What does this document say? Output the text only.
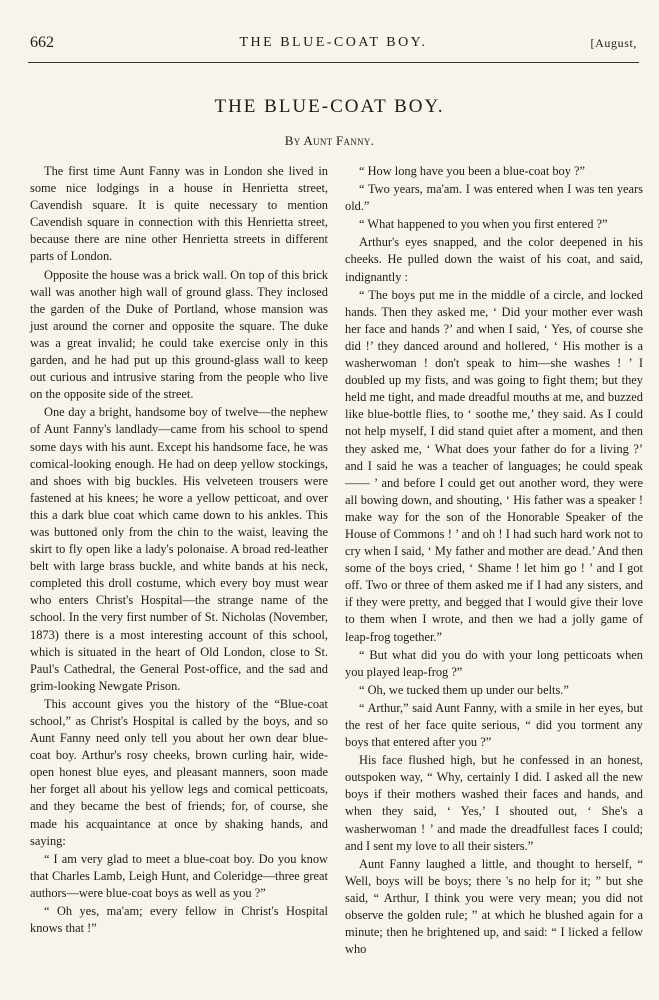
662	THE BLUE-COAT BOY.	[August,
THE BLUE-COAT BOY.
By Aunt Fanny.

The first time Aunt Fanny was in London she lived in some nice lodgings in a house in Henrietta street, Cavendish square. It is quite necessary to mention Cavendish square in connection with this Henrietta street, because there are nine other Henrietta streets in different parts of London.

Opposite the house was a brick wall. On top of this brick wall was another high wall of ground glass. They inclosed the garden of the Duke of Portland, whose mansion was just around the corner and opposite the square. The duke was a great invalid; he could take exercise only in this garden, and he had put up this ground-glass wall to keep out curious and intrusive staring from the people who live on the opposite side of the street.

One day a bright, handsome boy of twelve—the nephew of Aunt Fanny's landlady—came from his school to spend some days with his aunt. Except his handsome face, he was comical-looking enough. He had on deep yellow stockings, and shoes with big buckles. His velveteen trousers were fastened at his knees; he wore a yellow petticoat, and over this a dark blue coat which came down to his ankles. This was buttoned only from the chin to the waist, leaving the skirt to fly open like a lady's polonaise. A broad red-leather belt with large brass buckle, and white bands at his neck, completed this droll costume, which every boy must wear who enters Christ's Hospital—the strange name of the school. In the very first number of St. Nicholas (November, 1873) there is a most interesting account of this school, which is situated in the heart of Old London, close to St. Paul's Cathedral, the General Post-office, and the sad and grim-looking Newgate Prison.

This account gives you the history of the “Blue-coat school,” as Christ's Hospital is called by the boys, and so Aunt Fanny need only tell you about her own dear blue-coat boy. Arthur's rosy cheeks, brown curling hair, wide-open honest blue eyes, and pleasant manners, soon made her forget all about his yellow legs and comical petticoats, and they became the best of friends; for, of course, she made his acquaintance at once by shaking hands, and saying:

“ I am very glad to meet a blue-coat boy. Do you know that Charles Lamb, Leigh Hunt, and Coleridge—three great authors—were blue-coat boys as well as you ?”

“ Oh yes, ma'am; every fellow in Christ's Hospital knows that !”

“ How long have you been a blue-coat boy ?”

“ Two years, ma'am. I was entered when I was ten years old.”

“ What happened to you when you first entered ?”

Arthur's eyes snapped, and the color deepened in his cheeks. He pulled down the waist of his coat, and said, indignantly :

“ The boys put me in the middle of a circle, and locked hands. Then they asked me, ‘ Did your mother ever wash her face and hands ?’ and when I said, ‘ Yes, of course she did !’ they danced around and hollered, ‘ His mother is a washerwoman ! don't speak to him—she washes ! ’ I doubled up my fists, and was going to fight them; but they held me tight, and made dreadful mouths at me, and buzzed like blue-bottle flies, to ‘ soothe me,’ they said. As I could not help myself, I did stand quiet after a moment, and then they asked me, ‘ What does your father do for a living ?’ and I said he was a teacher of languages; he could speak—— ’ and before I could get out another word, they were all bowing down, and shouting, ‘ His father was a speaker ! make way for the son of the Honorable Speaker of the House of Commons ! ’ and oh ! I had such hard work not to cry when I said, ‘ My father and mother are dead.’ And then some of the boys cried, ‘ Shame ! let him go ! ’ and I got off. Two or three of them asked me if I had any sisters, and if they were pretty, and begged that I would give their love to them when I wrote, and then we had a jolly game of leap-frog together.”

“ But what did you do with your long petticoats when you played leap-frog ?”

“ Oh, we tucked them up under our belts.”

“ Arthur,” said Aunt Fanny, with a smile in her eyes, but the rest of her face quite serious, “ did you torment any boys that entered after you ?”

His face flushed high, but he confessed in an honest, outspoken way, “ Why, certainly I did. I asked all the new boys if their mothers washed their faces and hands, and when they said, ‘ Yes,’ I shouted out, ‘ She's a washerwoman ! ’ and made the dreadfullest faces I could; and I sent my love to all their sisters.”

Aunt Fanny laughed a little, and thought to herself, “ Well, boys will be boys; there 's no help for it; ” but she said, “ Arthur, I think you were very mean; you did not observe the golden rule; ” at which he blushed again for a minute; then he brightened up, and said: “ I licked a fellow who
